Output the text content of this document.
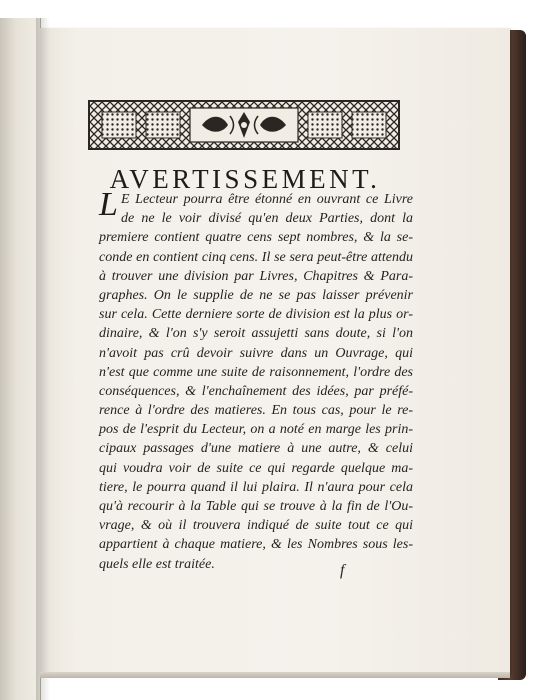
AVERTISSEMENT.
L E Lecteur pourra être étonné en ouvrant ce Livre
de ne le voir divisé qu'en deux Parties, dont la
premiere contient quatre cens sept nombres, & la se-
conde en contient cinq cens. Il se sera peut-être attendu
à trouver une division par Livres, Chapitres & Para-
graphes. On le supplie de ne se pas laisser prévenir
sur cela. Cette derniere sorte de division est la plus or-
dinaire, & l'on s'y seroit assujetti sans doute, si l'on
n'avoit pas crû devoir suivre dans un Ouvrage, qui
n'est que comme une suite de raisonnement, l'ordre des
conséquences, & l'enchaînement des idées, par préfé-
rence à l'ordre des matieres. En tous cas, pour le re-
pos de l'esprit du Lecteur, on a noté en marge les prin-
cipaux passages d'une matiere à une autre, & celui
qui voudra voir de suite ce qui regarde quelque ma-
tiere, le pourra quand il lui plaira. Il n'aura pour cela
qu'à recourir à la Table qui se trouve à la fin de l'Ou-
vrage, & où il trouvera indiqué de suite tout ce qui
appartient à chaque matiere, & les Nombres sous les-
quels elle est traitée.	f
